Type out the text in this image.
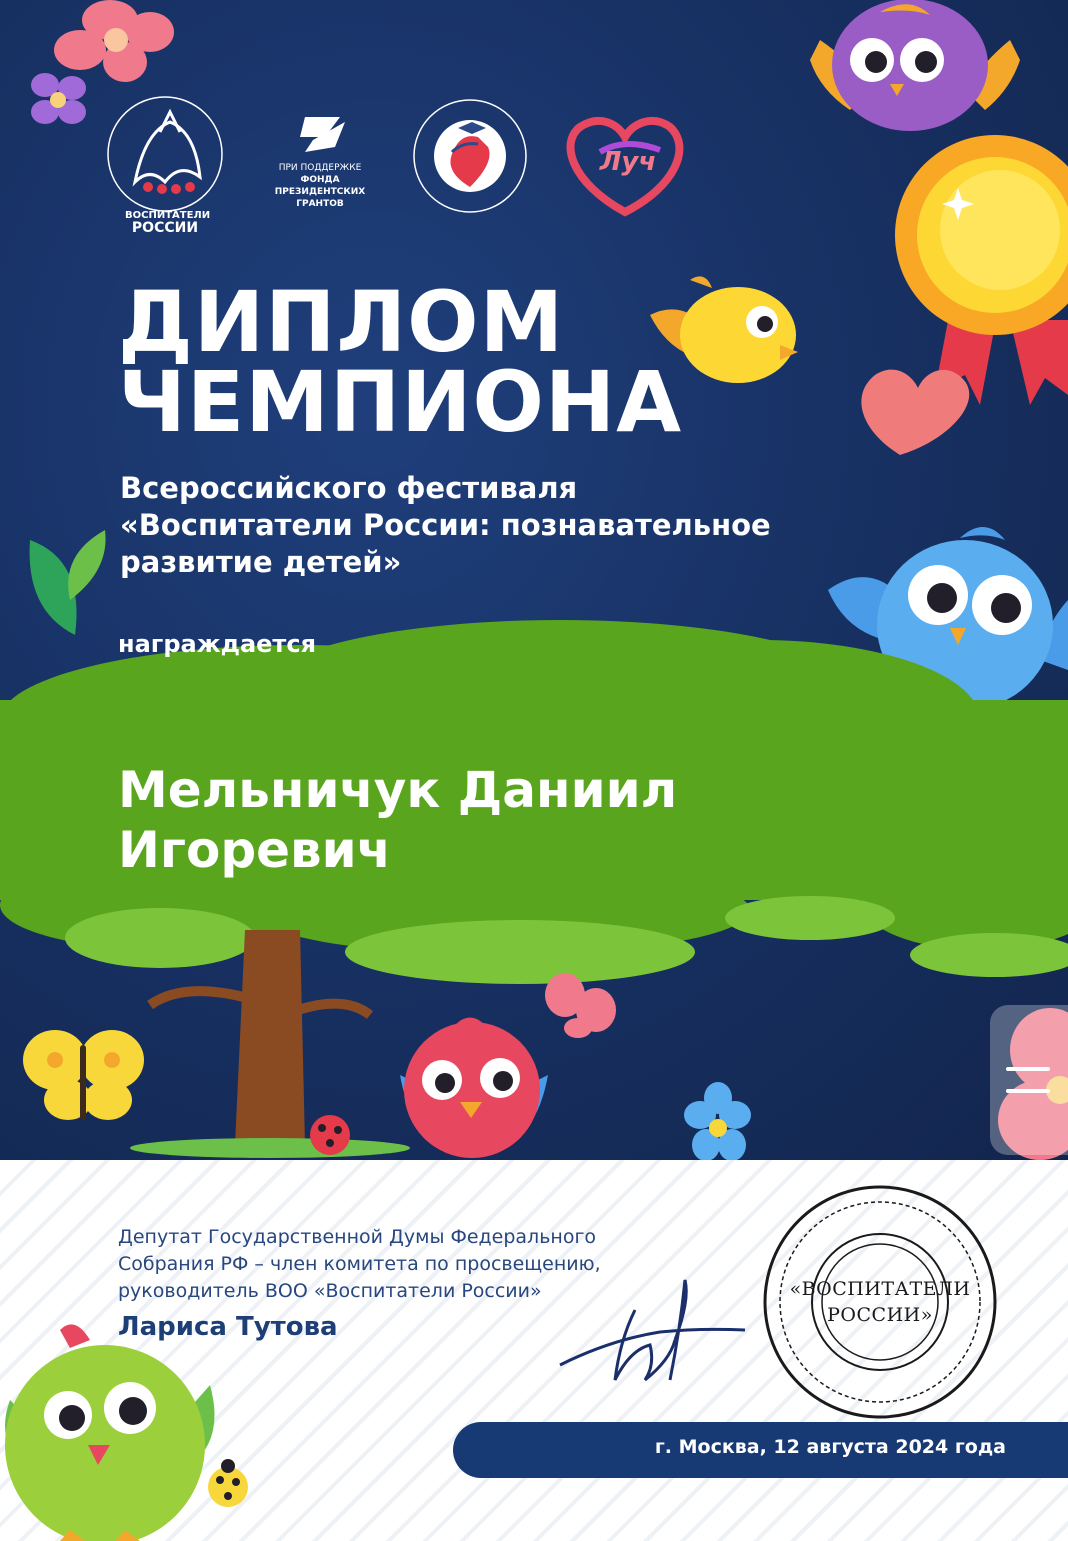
ВОСПИТАТЕЛИ
РОССИИ
ПРИ ПОДДЕРЖКЕ
ФОНДА
ПРЕЗИДЕНТСКИХ
ГРАНТОВ
Луч
ДИПЛОМ
ЧЕМПИОНА
Всероссийского фестиваля
«Воспитатели России: познавательное
развитие детей»
награждается
Мельничук Даниил
Игоревич
Депутат Государственной Думы Федерального
Собрания РФ – член комитета по просвещению,
руководитель ВОО «Воспитатели России»
Лариса Тутова
«ВОСПИТАТЕЛИ
РОССИИ»
г. Москва, 12 августа 2024 года
